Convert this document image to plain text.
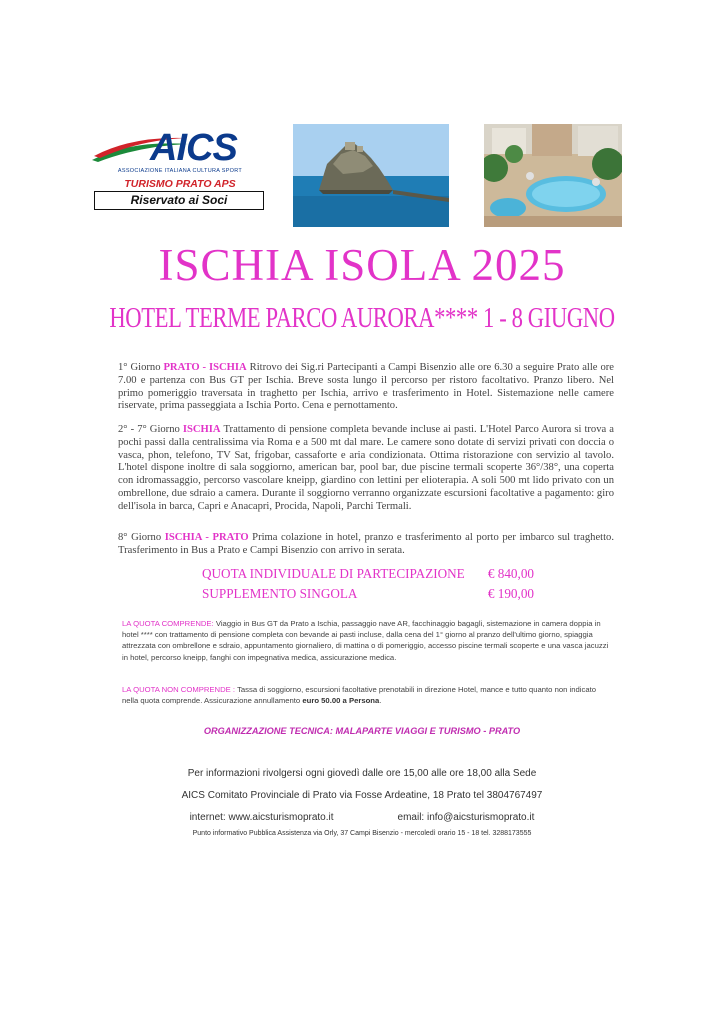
AICS
ASSOCIAZIONE ITALIANA CULTURA SPORT
TURISMO PRATO APS
Riservato ai Soci
ISCHIA ISOLA 2025
HOTEL TERME PARCO AURORA**** 1 - 8 GIUGNO
1° Giorno PRATO - ISCHIA Ritrovo dei Sig.ri Partecipanti a Campi Bisenzio alle ore 6.30 a seguire Prato alle ore 7.00 e partenza con Bus GT per Ischia. Breve sosta lungo il percorso per ristoro facoltativo. Pranzo libero. Nel primo pomeriggio traversata in traghetto per Ischia, arrivo e trasferimento in Hotel. Sistemazione nelle camere riservate, prima passeggiata a Ischia Porto. Cena e pernottamento.
2° - 7° Giorno ISCHIA Trattamento di pensione completa bevande incluse ai pasti. L'Hotel Parco Aurora si trova a pochi passi dalla centralissima via Roma e a 500 mt dal mare. Le camere sono dotate di servizi privati con doccia o vasca, phon, telefono, TV Sat, frigobar, cassaforte e aria condizionata. Ottima ristorazione con servizio al tavolo. L'hotel dispone inoltre di sala soggiorno, american bar, pool bar, due piscine termali scoperte 36°/38°, una coperta con idromassaggio, percorso vascolare kneipp, giardino con lettini per elioterapia. A soli 500 mt lido privato con un ombrellone, due sdraio a camera. Durante il soggiorno verranno organizzate escursioni facoltative a pagamento: giro dell'isola in barca, Capri e Anacapri, Procida, Napoli, Parchi Termali.
8° Giorno ISCHIA - PRATO Prima colazione in hotel, pranzo e trasferimento al porto per imbarco sul traghetto. Trasferimento in Bus a Prato e Campi Bisenzio con arrivo in serata.
QUOTA INDIVIDUALE DI PARTECIPAZIONE € 840,00
SUPPLEMENTO SINGOLA	€ 190,00
LA QUOTA COMPRENDE: Viaggio in Bus GT da Prato a Ischia, passaggio nave AR, facchinaggio bagagli, sistemazione in camera doppia in hotel **** con trattamento di pensione completa con bevande ai pasti incluse, dalla cena del 1° giorno al pranzo dell'ultimo giorno, spiaggia attrezzata con ombrellone e sdraio, appuntamento giornaliero, di mattina o di pomeriggio, accesso piscine termali scoperte e una vasca jacuzzi in hotel, percorso kneipp, fanghi con impegnativa medica, assicurazione medica.
LA QUOTA NON COMPRENDE : Tassa di soggiorno, escursioni facoltative prenotabili in direzione Hotel, mance e tutto quanto non indicato nella quota comprende. Assicurazione annullamento euro 50.00 a Persona.
ORGANIZZAZIONE TECNICA: MALAPARTE VIAGGI E TURISMO - PRATO
Per informazioni rivolgersi ogni giovedì dalle ore 15,00 alle ore 18,00 alla Sede
AICS Comitato Provinciale di Prato via Fosse Ardeatine, 18 Prato tel 3804767497
internet: www.aicsturismoprato.it	email: info@aicsturismoprato.it
Punto informativo Pubblica Assistenza via Orly, 37 Campi Bisenzio - mercoledì orario 15 - 18 tel. 3288173555
